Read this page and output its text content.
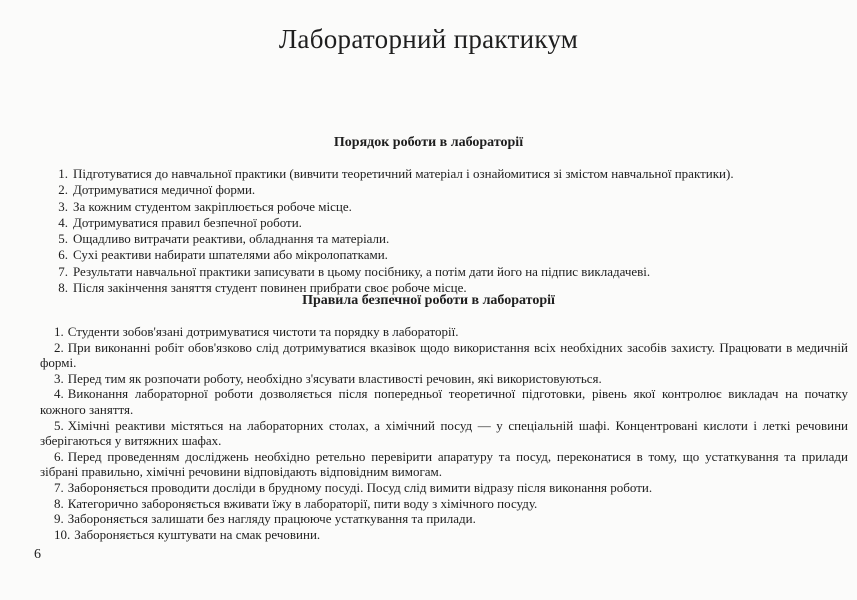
Лабораторний практикум
Порядок роботи в лабораторії
1. Підготуватися до навчальної практики (вивчити теоретичний матеріал і ознайомитися зі змістом навчальної практики).
2. Дотримуватися медичної форми.
3. За кожним студентом закріплюється робоче місце.
4. Дотримуватися правил безпечної роботи.
5. Ощадливо витрачати реактиви, обладнання та матеріали.
6. Сухі реактиви набирати шпателями або мікролопатками.
7. Результати навчальної практики записувати в цьому посібнику, а потім дати його на підпис викладачеві.
8. Після закінчення заняття студент повинен прибрати своє робоче місце.
Правила безпечної роботи в лабораторії
1. Студенти зобов'язані дотримуватися чистоти та порядку в лабораторії.
2. При виконанні робіт обов'язково слід дотримуватися вказівок щодо використання всіх необхідних засобів захисту. Працювати в медичній формі.
3. Перед тим як розпочати роботу, необхідно з'ясувати властивості речовин, які використовуються.
4. Виконання лабораторної роботи дозволяється після попередньої теоретичної підготовки, рівень якої контролює викладач на початку кожного заняття.
5. Хімічні реактиви містяться на лабораторних столах, а хімічний посуд — у спеціальній шафі. Концентровані кислоти і леткі речовини зберігаються у витяжних шафах.
6. Перед проведенням досліджень необхідно ретельно перевірити апаратуру та посуд, переконатися в тому, що устаткування та прилади зібрані правильно, хімічні речовини відповідають відповідним вимогам.
7. Забороняється проводити досліди в брудному посуді. Посуд слід вимити відразу після виконання роботи.
8. Категорично забороняється вживати їжу в лабораторії, пити воду з хімічного посуду.
9. Забороняється залишати без нагляду працююче устаткування та прилади.
10. Забороняється куштувати на смак речовини.
6
